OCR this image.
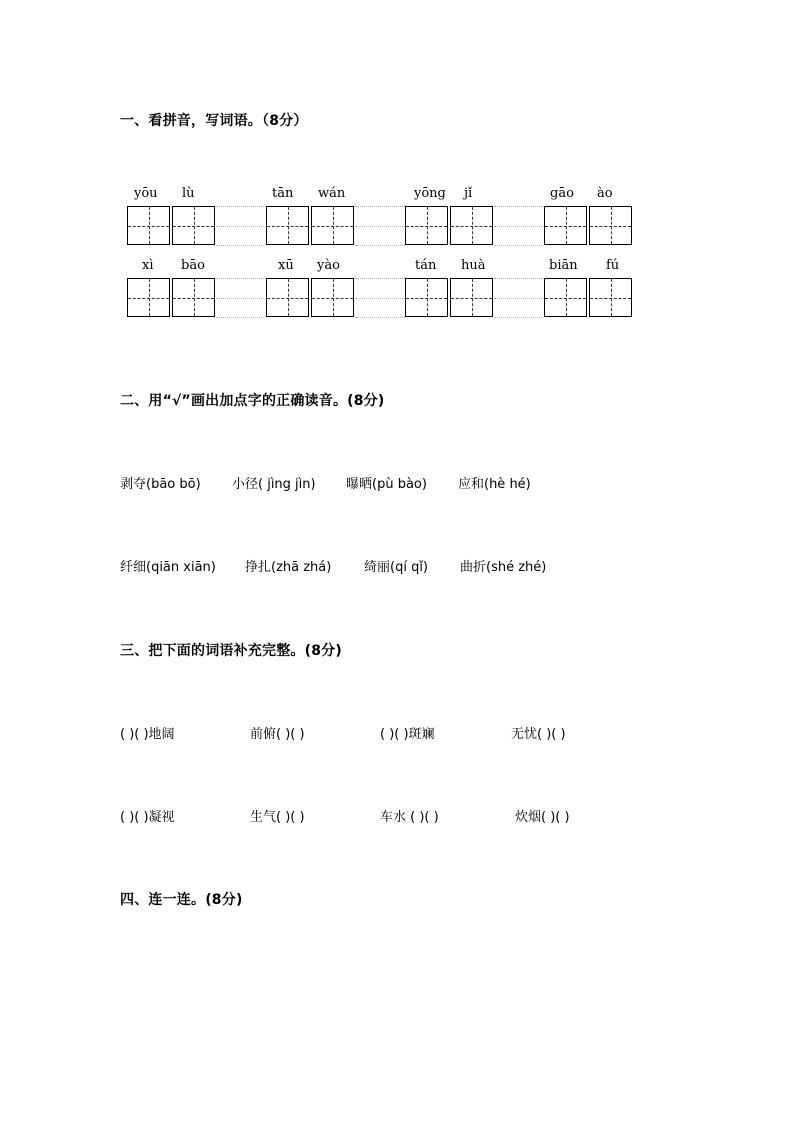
一、看拼音，写词语。（8分）
yōu lù	tān wán	yōng jǐ	gāo ào
xì bāo	xū yào	tán huà	biān fú
二、用“√”画出加点字的正确读音。(8分)
剥夺(bāo bō) 小径( jìng jìn) 曝晒(pù bào) 应和(hè hé)
纤细(qiān xiān) 挣扎(zhā zhá)	绮丽(qí qǐ) 曲折(shé zhé)
三、把下面的词语补充完整。(8分)
( )( )地阔	前俯( )( )	( )( )斑斓	无忧( )( )
( )( )凝视	生气( )( )	车水 ( )( )	炊烟( )( )
四、连一连。(8分)
